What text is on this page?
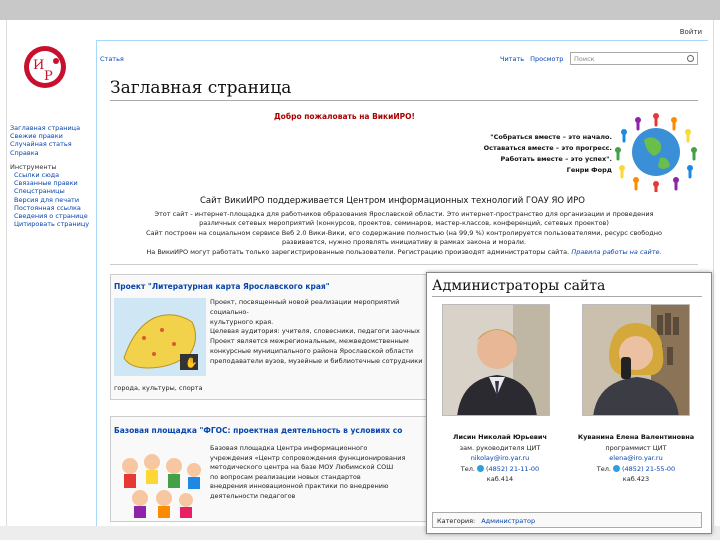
Войти
И
Р
Заглавная страница
Свежие правки
Случайная статья
Справка
Инструменты
Ссылки сюда
Связанные правки
Спецстраницы
Версия для печати
Постоянная ссылка
Сведения о странице
Цитировать страницу
Статья	Читать Просмотр	Поиск
Заглавная страница
Добро пожаловать на ВикиИРО!
"Собраться вместе – это начало.
Оставаться вместе – это прогресс.
Работать вместе – это успех".
Генри Форд
Сайт ВикиИРО поддерживается Центром информационных технологий ГОАУ ЯО ИРО
Этот сайт - интернет-площадка для работников образования Ярославской области. Это интернет-пространство для организации и проведения
различных сетевых мероприятий (конкурсов, проектов, семинаров, мастер-классов, конференций, сетевых проектов)
Сайт построен на социальном сервисе Веб 2.0 Вики-Вики, его содержание полностью (на 99,9 %) контролируется пользователями, ресурс свободно
развивается, нужно проявлять инициативу в рамках закона и морали.
На ВикиИРО могут работать только зарегистрированные пользователи. Регистрацию производят администраторы сайта. Правила работы на сайте.
Проект "Литературная карта Ярославского края"
✋
Проект, посвященный новой реализации мероприятий социально-
культурного края.
Целевая аудитория: учителя, словесники, педагоги заочных
Проект является межрегиональным, межведомственным
конкурсные муниципального района Ярославской области
преподаватели вузов, музейные и библиотечные сотрудники
города, культуры, спорта
Базовая площадка "ФГОС: проектная деятельность в условиях со
Базовая площадка Центра информационного
учреждения «Центр сопровождения функционирования
методического центра на базе МОУ Любимской СОШ
по вопросам реализации новых стандартов
внедрения инновационной практики по внедрению
деятельности педагогов
Администраторы сайта
Лисин Николай Юрьевич
зам. руководителя ЦИТ
nikolay@iro.yar.ru
Тел. (4852) 21-11-00
каб.414
Куванина Елена Валентиновна
программист ЦИТ
elena@iro.yar.ru
Тел. (4852) 21-55-00
каб.423
Категория: Администратор
